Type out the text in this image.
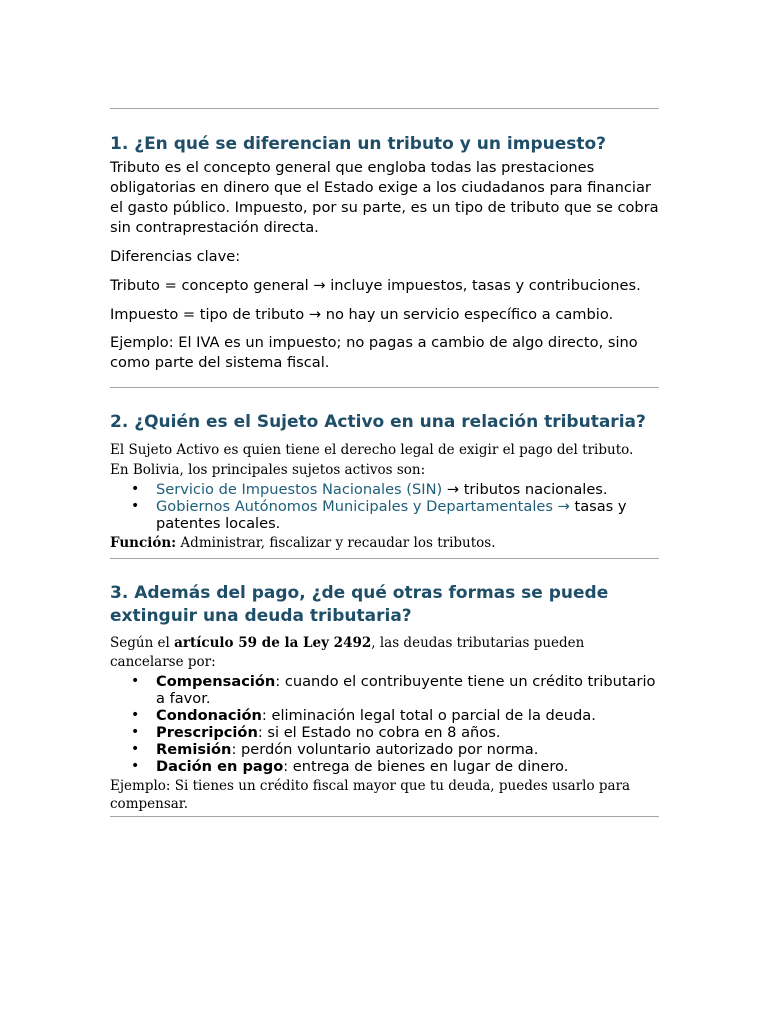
1. ¿En qué se diferencian un tributo y un impuesto?

Tributo es el concepto general que engloba todas las prestaciones obligatorias en dinero que el Estado exige a los ciudadanos para financiar el gasto público. Impuesto, por su parte, es un tipo de tributo que se cobra sin contraprestación directa.

Diferencias clave:

Tributo = concepto general → incluye impuestos, tasas y contribuciones.

Impuesto = tipo de tributo → no hay un servicio específico a cambio.

Ejemplo: El IVA es un impuesto; no pagas a cambio de algo directo, sino como parte del sistema fiscal.

2. ¿Quién es el Sujeto Activo en una relación tributaria?

El Sujeto Activo es quien tiene el derecho legal de exigir el pago del tributo.

En Bolivia, los principales sujetos activos son:

• Servicio de Impuestos Nacionales (SIN) → tributos nacionales.
• Gobiernos Autónomos Municipales y Departamentales → tasas y patentes locales.

Función: Administrar, fiscalizar y recaudar los tributos.

3. Además del pago, ¿de qué otras formas se puede extinguir una deuda tributaria?

Según el artículo 59 de la Ley 2492, las deudas tributarias pueden cancelarse por:

• Compensación: cuando el contribuyente tiene un crédito tributario a favor.
• Condonación: eliminación legal total o parcial de la deuda.
• Prescripción: si el Estado no cobra en 8 años.
• Remisión: perdón voluntario autorizado por norma.
• Dación en pago: entrega de bienes en lugar de dinero.

Ejemplo: Si tienes un crédito fiscal mayor que tu deuda, puedes usarlo para compensar.
